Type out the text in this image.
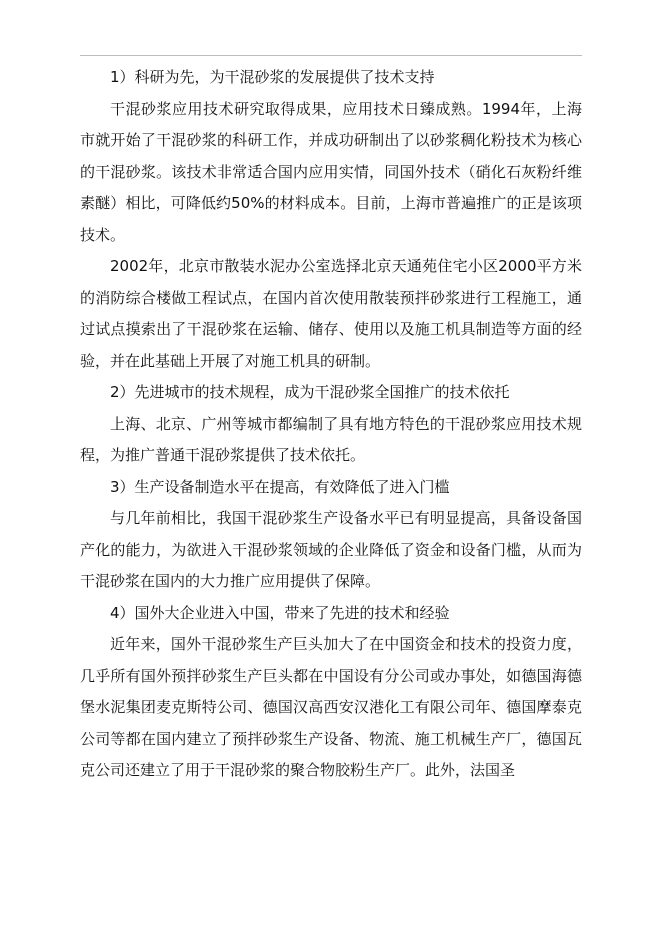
1）科研为先，为干混砂浆的发展提供了技术支持

干混砂浆应用技术研究取得成果，应用技术日臻成熟。1994年，上海市就开始了干混砂浆的科研工作，并成功研制出了以砂浆稠化粉技术为核心的干混砂浆。该技术非常适合国内应用实情，同国外技术（硝化石灰粉纤维素醚）相比，可降低约50%的材料成本。目前，上海市普遍推广的正是该项技术。

2002年，北京市散装水泥办公室选择北京天通苑住宅小区2000平方米的消防综合楼做工程试点，在国内首次使用散装预拌砂浆进行工程施工，通过试点摸索出了干混砂浆在运输、储存、使用以及施工机具制造等方面的经验，并在此基础上开展了对施工机具的研制。

2）先进城市的技术规程，成为干混砂浆全国推广的技术依托

上海、北京、广州等城市都编制了具有地方特色的干混砂浆应用技术规程，为推广普通干混砂浆提供了技术依托。

3）生产设备制造水平在提高，有效降低了进入门槛

与几年前相比，我国干混砂浆生产设备水平已有明显提高，具备设备国产化的能力，为欲进入干混砂浆领域的企业降低了资金和设备门槛，从而为干混砂浆在国内的大力推广应用提供了保障。

4）国外大企业进入中国，带来了先进的技术和经验

近年来，国外干混砂浆生产巨头加大了在中国资金和技术的投资力度，几乎所有国外预拌砂浆生产巨头都在中国设有分公司或办事处，如德国海德堡水泥集团麦克斯特公司、德国汉高西安汉港化工有限公司年、德国摩泰克公司等都在国内建立了预拌砂浆生产设备、物流、施工机械生产厂，德国瓦克公司还建立了用于干混砂浆的聚合物胶粉生产厂。此外，法国圣
